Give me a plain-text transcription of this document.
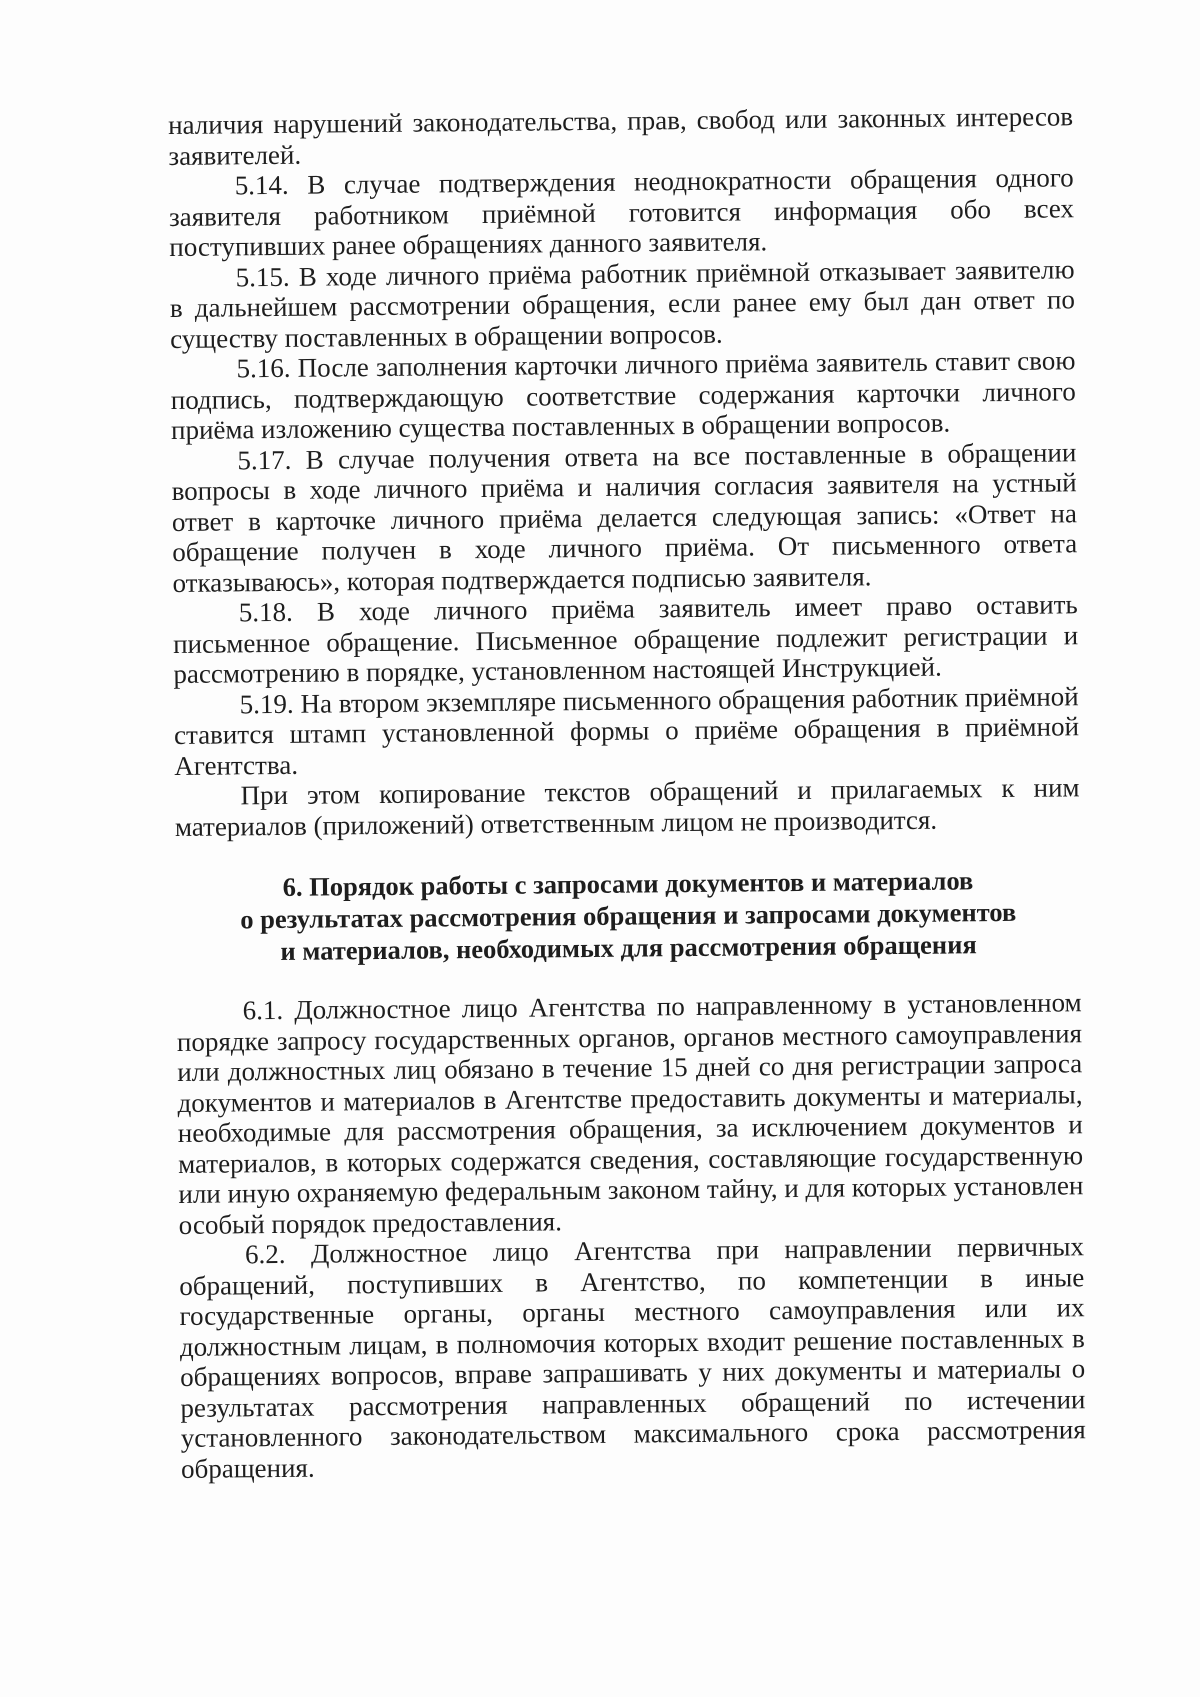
наличия нарушений законодательства, прав, свобод или законных интересов заявителей.

5.14. В случае подтверждения неоднократности обращения одного заявителя работником приёмной готовится информация обо всех поступивших ранее обращениях данного заявителя.

5.15. В ходе личного приёма работник приёмной отказывает заявителю в дальнейшем рассмотрении обращения, если ранее ему был дан ответ по существу поставленных в обращении вопросов.

5.16. После заполнения карточки личного приёма заявитель ставит свою подпись, подтверждающую соответствие содержания карточки личного приёма изложению существа поставленных в обращении вопросов.

5.17. В случае получения ответа на все поставленные в обращении вопросы в ходе личного приёма и наличия согласия заявителя на устный ответ в карточке личного приёма делается следующая запись: «Ответ на обращение получен в ходе личного приёма. От письменного ответа отказываюсь», которая подтверждается подписью заявителя.

5.18. В ходе личного приёма заявитель имеет право оставить письменное обращение. Письменное обращение подлежит регистрации и рассмотрению в порядке, установленном настоящей Инструкцией.

5.19. На втором экземпляре письменного обращения работник приёмной ставится штамп установленной формы о приёме обращения в приёмной Агентства.

При этом копирование текстов обращений и прилагаемых к ним материалов (приложений) ответственным лицом не производится.

6. Порядок работы с запросами документов и материалов

о результатах рассмотрения обращения и запросами документов

и материалов, необходимых для рассмотрения обращения

6.1. Должностное лицо Агентства по направленному в установленном порядке запросу государственных органов, органов местного самоуправления или должностных лиц обязано в течение 15 дней со дня регистрации запроса документов и материалов в Агентстве предоставить документы и материалы, необходимые для рассмотрения обращения, за исключением документов и материалов, в которых содержатся сведения, составляющие государственную или иную охраняемую федеральным законом тайну, и для которых установлен особый порядок предоставления.

6.2. Должностное лицо Агентства при направлении первичных обращений, поступивших в Агентство, по компетенции в иные государственные органы, органы местного самоуправления или их должностным лицам, в полномочия которых входит решение поставленных в обращениях вопросов, вправе запрашивать у них документы и материалы о результатах рассмотрения направленных обращений по истечении установленного законодательством максимального срока рассмотрения обращения.
